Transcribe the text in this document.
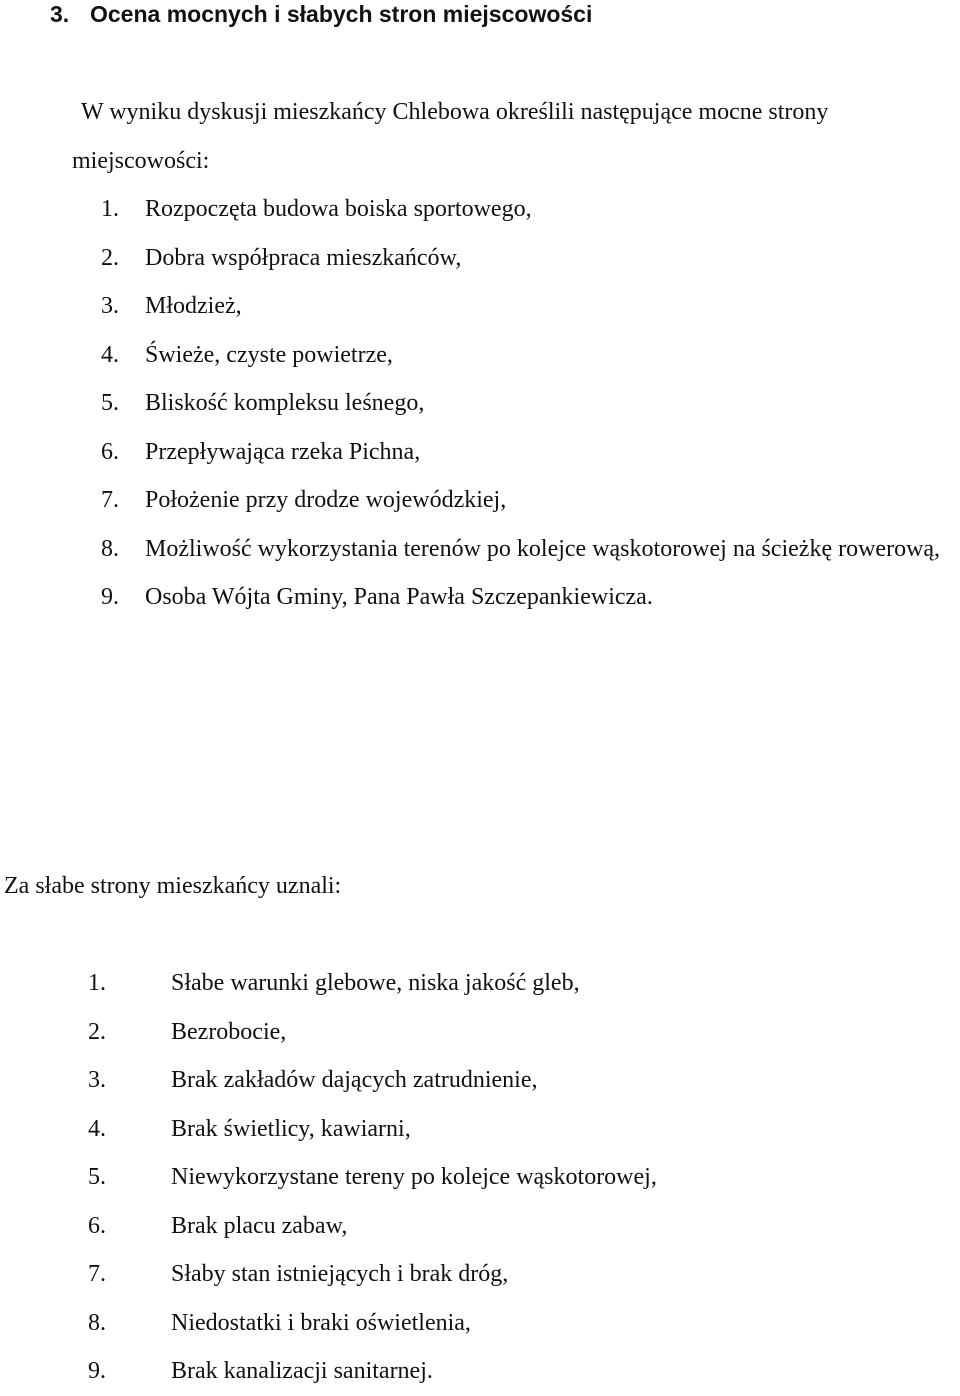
3. Ocena mocnych i słabych stron miejscowości

W wyniku dyskusji mieszkańcy Chlebowa określili następujące mocne strony miejscowości:

1.	Rozpoczęta budowa boiska sportowego,
2.	Dobra współpraca mieszkańców,
3.	Młodzież,
4.	Świeże, czyste powietrze,
5.	Bliskość kompleksu leśnego,
6.	Przepływająca rzeka Pichna,
7.	Położenie przy drodze wojewódzkiej,
8.	Możliwość wykorzystania terenów po kolejce wąskotorowej na ścieżkę rowerową,
9.	Osoba Wójta Gminy, Pana Pawła Szczepankiewicza.
Za słabe strony mieszkańcy uznali:
1.	Słabe warunki glebowe, niska jakość gleb,
2.	Bezrobocie,
3.	Brak zakładów dających zatrudnienie,
4.	Brak świetlicy, kawiarni,
5.	Niewykorzystane tereny po kolejce wąskotorowej,
6.	Brak placu zabaw,
7.	Słaby stan istniejących i brak dróg,
8.	Niedostatki i braki oświetlenia,
9.	Brak kanalizacji sanitarnej.
